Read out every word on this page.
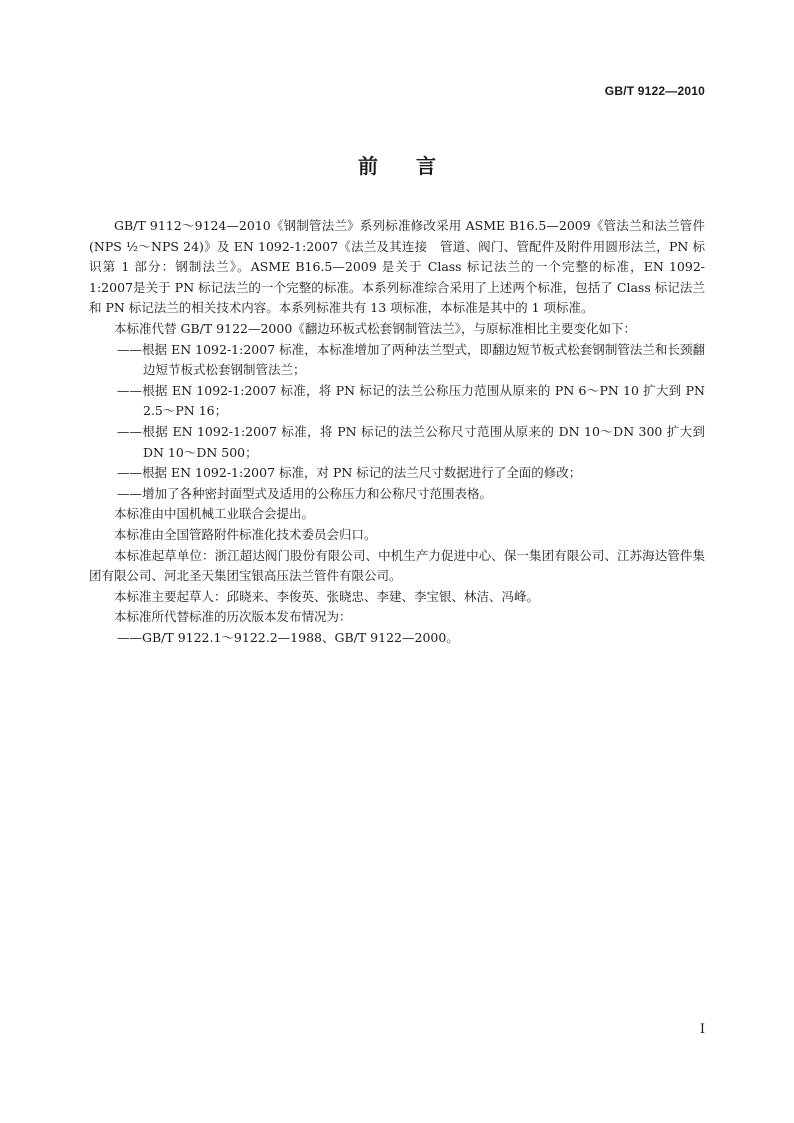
GB/T 9122—2010
前言

GB/T 9112～9124—2010《钢制管法兰》系列标准修改采用 ASME B16.5—2009《管法兰和法兰管件(NPS ½～NPS 24)》及 EN 1092-1:2007《法兰及其连接　管道、阀门、管配件及附件用圆形法兰，PN 标识第 1 部分：钢制法兰》。ASME B16.5—2009 是关于 Class 标记法兰的一个完整的标准，EN 1092-1:2007是关于 PN 标记法兰的一个完整的标准。本系列标准综合采用了上述两个标准，包括了 Class 标记法兰和 PN 标记法兰的相关技术内容。本系列标准共有 13 项标准，本标准是其中的 1 项标准。

本标准代替 GB/T 9122—2000《翻边环板式松套钢制管法兰》，与原标准相比主要变化如下：

——根据 EN 1092-1:2007 标准，本标准增加了两种法兰型式，即翻边短节板式松套钢制管法兰和长颈翻边短节板式松套钢制管法兰；

——根据 EN 1092-1:2007 标准，将 PN 标记的法兰公称压力范围从原来的 PN 6～PN 10 扩大到 PN 2.5～PN 16；

——根据 EN 1092-1:2007 标准，将 PN 标记的法兰公称尺寸范围从原来的 DN 10～DN 300 扩大到 DN 10～DN 500；

——根据 EN 1092-1:2007 标准，对 PN 标记的法兰尺寸数据进行了全面的修改；

——增加了各种密封面型式及适用的公称压力和公称尺寸范围表格。

本标准由中国机械工业联合会提出。

本标准由全国管路附件标准化技术委员会归口。

本标准起草单位：浙江超达阀门股份有限公司、中机生产力促进中心、保一集团有限公司、江苏海达管件集团有限公司、河北圣天集团宝银高压法兰管件有限公司。

本标准主要起草人：邱晓来、李俊英、张晓忠、李建、李宝银、林洁、冯峰。

本标准所代替标准的历次版本发布情况为：

——GB/T 9122.1～9122.2—1988、GB/T 9122—2000。

I
